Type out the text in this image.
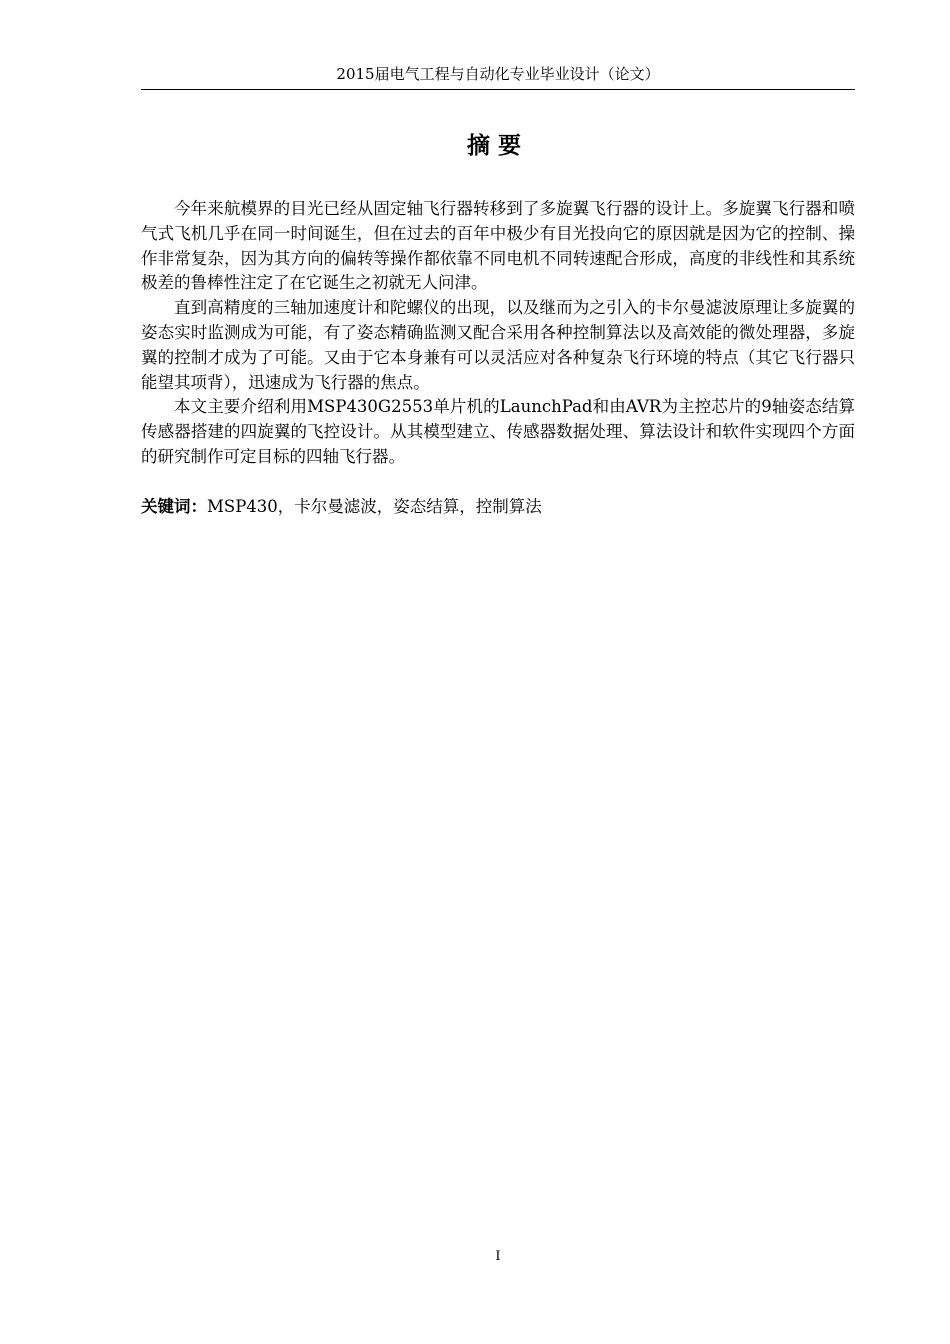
2015届电气工程与自动化专业毕业设计（论文）
摘要

今年来航模界的目光已经从固定轴飞行器转移到了多旋翼飞行器的设计上。多旋翼飞行器和喷气式飞机几乎在同一时间诞生，但在过去的百年中极少有目光投向它的原因就是因为它的控制、操作非常复杂，因为其方向的偏转等操作都依靠不同电机不同转速配合形成，高度的非线性和其系统极差的鲁棒性注定了在它诞生之初就无人问津。

直到高精度的三轴加速度计和陀螺仪的出现，以及继而为之引入的卡尔曼滤波原理让多旋翼的姿态实时监测成为可能，有了姿态精确监测又配合采用各种控制算法以及高效能的微处理器，多旋翼的控制才成为了可能。又由于它本身兼有可以灵活应对各种复杂飞行环境的特点（其它飞行器只能望其项背），迅速成为飞行器的焦点。

本文主要介绍利用MSP430G2553单片机的LaunchPad和由AVR为主控芯片的9轴姿态结算传感器搭建的四旋翼的飞控设计。从其模型建立、传感器数据处理、算法设计和软件实现四个方面的研究制作可定目标的四轴飞行器。

关键词：MSP430，卡尔曼滤波，姿态结算，控制算法
I
